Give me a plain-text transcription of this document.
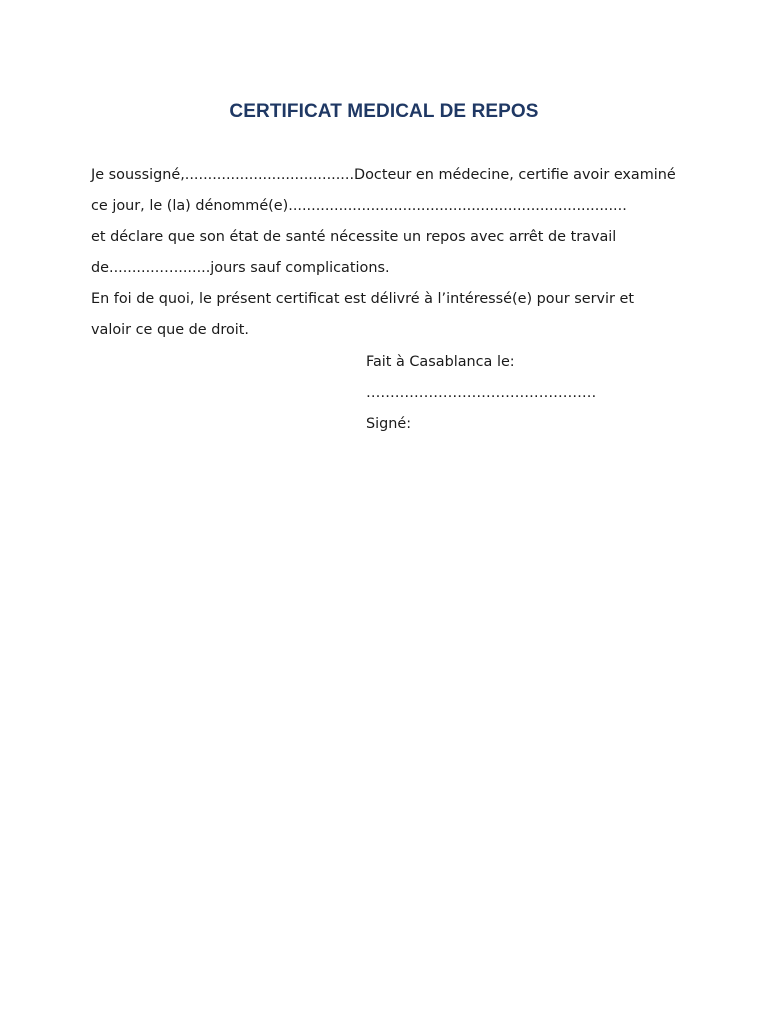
CERTIFICAT MEDICAL DE REPOS
Je soussigné,.....................................Docteur en médecine, certifie avoir examiné
ce jour, le (la) dénommé(e)..........................................................................
et déclare que son état de santé nécessite un repos avec arrêt de travail
de...........…........jours sauf complications.
En foi de quoi, le présent certificat est délivré à l’intéressé(e) pour servir et
valoir ce que de droit.
Fait à Casablanca le:
…………………………………………
Signé:
